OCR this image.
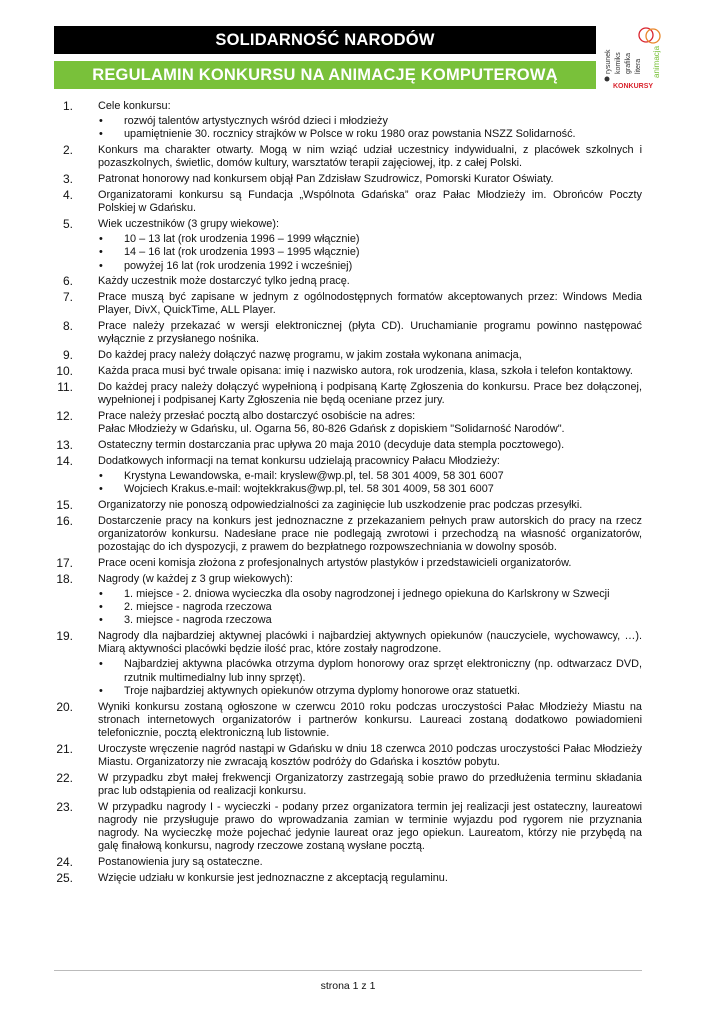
SOLIDARNOŚĆ NARODÓW
REGULAMIN KONKURSU NA ANIMACJĘ KOMPUTEROWĄ
rysunek komiks grafika litera animacja
KONKURSY
1. Cele konkursu:
• rozwój talentów artystycznych wśród dzieci i młodzieży
• upamiętnienie 30. rocznicy strajków w Polsce w roku 1980 oraz powstania NSZZ Solidarność.
2. Konkurs ma charakter otwarty. Mogą w nim wziąć udział uczestnicy indywidualni, z placówek szkolnych i pozaszkolnych, świetlic, domów kultury, warsztatów terapii zajęciowej, itp. z całej Polski.
3. Patronat honorowy nad konkursem objął Pan Zdzisław Szudrowicz, Pomorski Kurator Oświaty.
4. Organizatorami konkursu są Fundacja „Wspólnota Gdańska” oraz Pałac Młodzieży im. Obrońców Poczty Polskiej w Gdańsku.
5. Wiek uczestników (3 grupy wiekowe):
• 10 – 13 lat (rok urodzenia 1996 – 1999 włącznie)
• 14 – 16 lat (rok urodzenia 1993 – 1995 włącznie)
• powyżej 16 lat (rok urodzenia 1992 i wcześniej)
6. Każdy uczestnik może dostarczyć tylko jedną pracę.
7. Prace muszą być zapisane w jednym z ogólnodostępnych formatów akceptowanych przez: Windows Media Player, DivX, QuickTime, ALL Player.
8. Prace należy przekazać w wersji elektronicznej (płyta CD). Uruchamianie programu powinno następować wyłącznie z przysłanego nośnika.
9. Do każdej pracy należy dołączyć nazwę programu, w jakim została wykonana animacja,
10. Każda praca musi być trwale opisana: imię i nazwisko autora, rok urodzenia, klasa, szkoła i telefon kontaktowy.
11. Do każdej pracy należy dołączyć wypełnioną i podpisaną Kartę Zgłoszenia do konkursu. Prace bez dołączonej, wypełnionej i podpisanej Karty Zgłoszenia nie będą oceniane przez jury.
12. Prace należy przesłać pocztą albo dostarczyć osobiście na adres:
Pałac Młodzieży w Gdańsku, ul. Ogarna 56, 80-826 Gdańsk z dopiskiem "Solidarność Narodów".
13. Ostateczny termin dostarczania prac upływa 20 maja 2010 (decyduje data stempla pocztowego).
14. Dodatkowych informacji na temat konkursu udzielają pracownicy Pałacu Młodzieży:
• Krystyna Lewandowska, e-mail: kryslew@wp.pl, tel. 58 301 4009, 58 301 6007
• Wojciech Krakus.e-mail: wojtekkrakus@wp.pl, tel. 58 301 4009, 58 301 6007
15. Organizatorzy nie ponoszą odpowiedzialności za zaginięcie lub uszkodzenie prac podczas przesyłki.
16. Dostarczenie pracy na konkurs jest jednoznaczne z przekazaniem pełnych praw autorskich do pracy na rzecz organizatorów konkursu. Nadesłane prace nie podlegają zwrotowi i przechodzą na własność organizatorów, pozostając do ich dyspozycji, z prawem do bezpłatnego rozpowszechniania w dowolny sposób.
17. Prace oceni komisja złożona z profesjonalnych artystów plastyków i przedstawicieli organizatorów.
18. Nagrody (w każdej z 3 grup wiekowych):
• 1. miejsce - 2. dniowa wycieczka dla osoby nagrodzonej i jednego opiekuna do Karlskrony w Szwecji
• 2. miejsce - nagroda rzeczowa
• 3. miejsce - nagroda rzeczowa
19. Nagrody dla najbardziej aktywnej placówki i najbardziej aktywnych opiekunów (nauczyciele, wychowawcy, …). Miarą aktywności placówki będzie ilość prac, które zostały nagrodzone.
• Najbardziej aktywna placówka otrzyma dyplom honorowy oraz sprzęt elektroniczny (np. odtwarzacz DVD, rzutnik multimedialny lub inny sprzęt).
• Troje najbardziej aktywnych opiekunów otrzyma dyplomy honorowe oraz statuetki.
20. Wyniki konkursu zostaną ogłoszone w czerwcu 2010 roku podczas uroczystości Pałac Młodzieży Miastu na stronach internetowych organizatorów i partnerów konkursu. Laureaci zostaną dodatkowo powiadomieni telefonicznie, pocztą elektroniczną lub listownie.
21. Uroczyste wręczenie nagród nastąpi w Gdańsku w dniu 18 czerwca 2010 podczas uroczystości Pałac Młodzieży Miastu. Organizatorzy nie zwracają kosztów podróży do Gdańska i kosztów pobytu.
22. W przypadku zbyt małej frekwencji Organizatorzy zastrzegają sobie prawo do przedłużenia terminu składania prac lub odstąpienia od realizacji konkursu.
23. W przypadku nagrody I - wycieczki - podany przez organizatora termin jej realizacji jest ostateczny, laureatowi nagrody nie przysługuje prawo do wprowadzania zamian w terminie wyjazdu pod rygorem nie przyznania nagrody. Na wycieczkę może pojechać jedynie laureat oraz jego opiekun. Laureatom, którzy nie przybędą na galę finałową konkursu, nagrody rzeczowe zostaną wysłane pocztą.
24. Postanowienia jury są ostateczne.
25. Wzięcie udziału w konkursie jest jednoznaczne z akceptacją regulaminu.
strona 1 z 1
